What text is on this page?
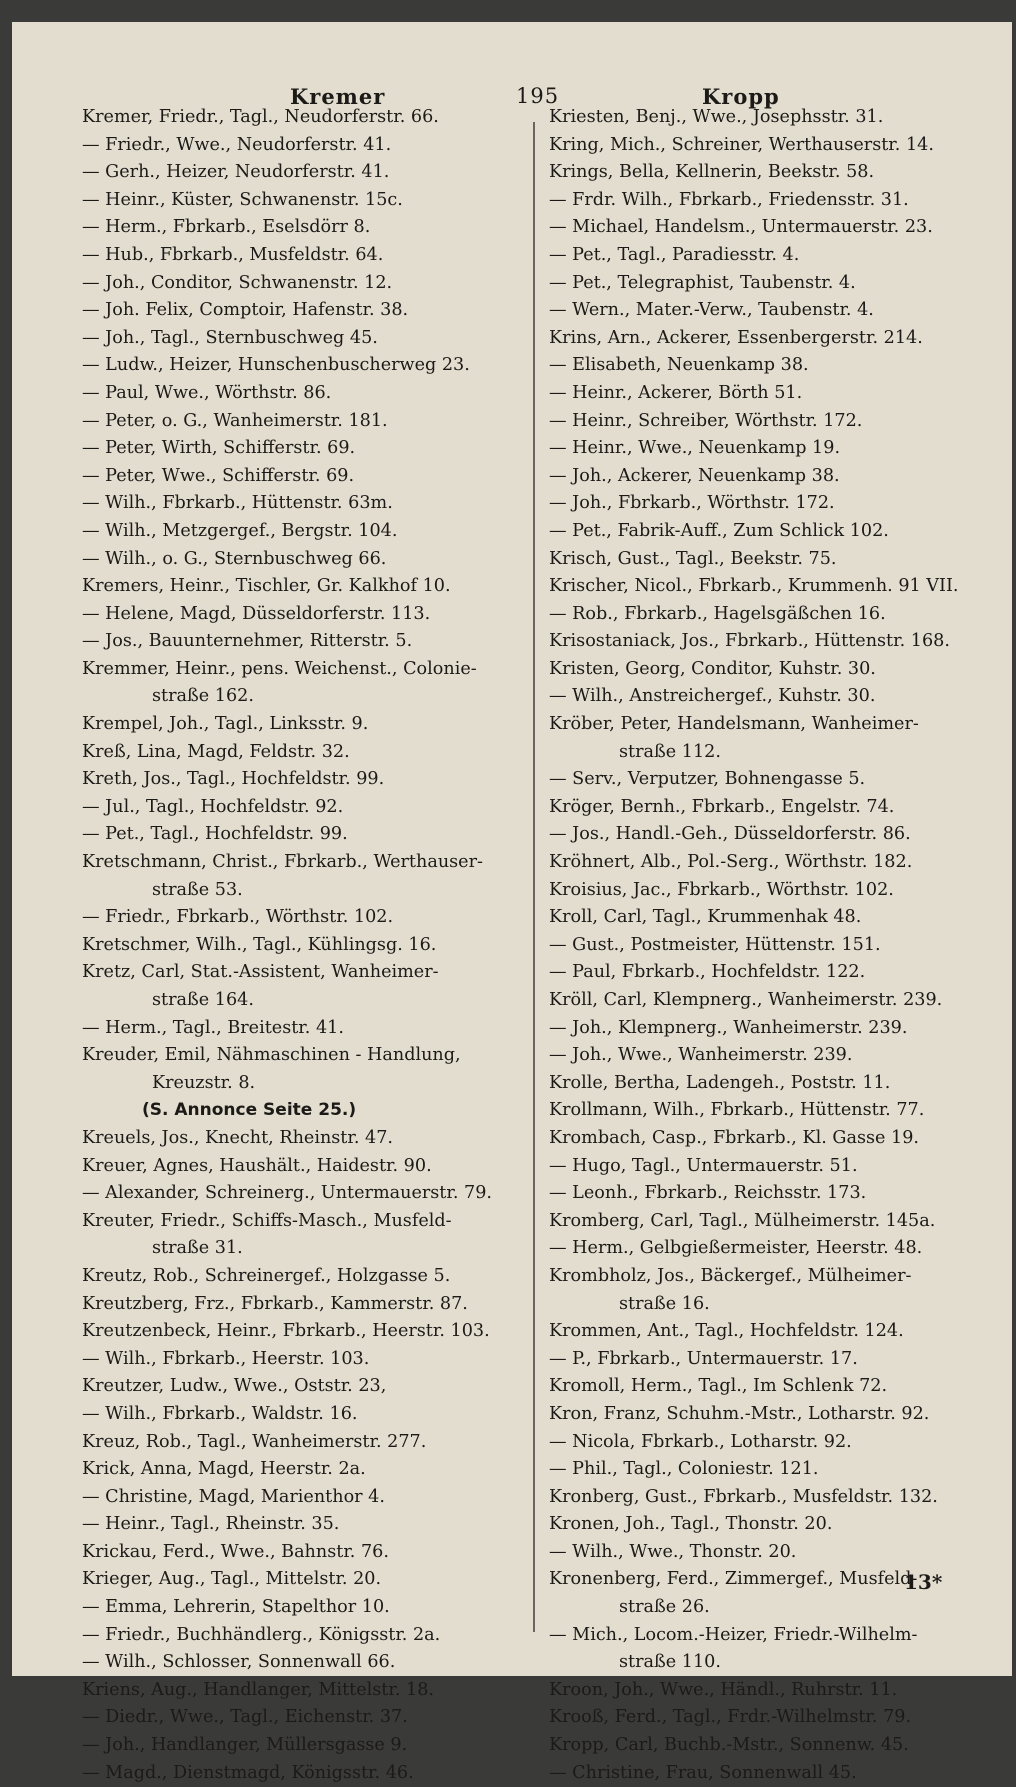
Kremer	195	Kropp
Kremer, Friedr., Tagl., Neudorferstr. 66.
— Friedr., Wwe., Neudorferstr. 41.
— Gerh., Heizer, Neudorferstr. 41.
— Heinr., Küster, Schwanenstr. 15c.
— Herm., Fbrkarb., Eselsdörr 8.
— Hub., Fbrkarb., Musfeldstr. 64.
— Joh., Conditor, Schwanenstr. 12.
— Joh. Felix, Comptoir, Hafenstr. 38.
— Joh., Tagl., Sternbuschweg 45.
— Ludw., Heizer, Hunschenbuscherweg 23.
— Paul, Wwe., Wörthstr. 86.
— Peter, o. G., Wanheimerstr. 181.
— Peter, Wirth, Schifferstr. 69.
— Peter, Wwe., Schifferstr. 69.
— Wilh., Fbrkarb., Hüttenstr. 63m.
— Wilh., Metzgergef., Bergstr. 104.
— Wilh., o. G., Sternbuschweg 66.
Kremers, Heinr., Tischler, Gr. Kalkhof 10.
— Helene, Magd, Düsseldorferstr. 113.
— Jos., Bauunternehmer, Ritterstr. 5.
Kremmer, Heinr., pens. Weichenst., Colonie-
straße 162.
Krempel, Joh., Tagl., Linksstr. 9.
Kreß, Lina, Magd, Feldstr. 32.
Kreth, Jos., Tagl., Hochfeldstr. 99.
— Jul., Tagl., Hochfeldstr. 92.
— Pet., Tagl., Hochfeldstr. 99.
Kretschmann, Christ., Fbrkarb., Werthauser-
straße 53.
— Friedr., Fbrkarb., Wörthstr. 102.
Kretschmer, Wilh., Tagl., Kühlingsg. 16.
Kretz, Carl, Stat.-Assistent, Wanheimer-
straße 164.
— Herm., Tagl., Breitestr. 41.
Kreuder, Emil, Nähmaschinen - Handlung,
Kreuzstr. 8.
(S. Annonce Seite 25.)
Kreuels, Jos., Knecht, Rheinstr. 47.
Kreuer, Agnes, Haushält., Haidestr. 90.
— Alexander, Schreinerg., Untermauerstr. 79.
Kreuter, Friedr., Schiffs-Masch., Musfeld-
straße 31.
Kreutz, Rob., Schreinergef., Holzgasse 5.
Kreutzberg, Frz., Fbrkarb., Kammerstr. 87.
Kreutzenbeck, Heinr., Fbrkarb., Heerstr. 103.
— Wilh., Fbrkarb., Heerstr. 103.
Kreutzer, Ludw., Wwe., Oststr. 23,
— Wilh., Fbrkarb., Waldstr. 16.
Kreuz, Rob., Tagl., Wanheimerstr. 277.
Krick, Anna, Magd, Heerstr. 2a.
— Christine, Magd, Marienthor 4.
— Heinr., Tagl., Rheinstr. 35.
Krickau, Ferd., Wwe., Bahnstr. 76.
Krieger, Aug., Tagl., Mittelstr. 20.
— Emma, Lehrerin, Stapelthor 10.
— Friedr., Buchhändlerg., Königsstr. 2a.
— Wilh., Schlosser, Sonnenwall 66.
Kriens, Aug., Handlanger, Mittelstr. 18.
— Diedr., Wwe., Tagl., Eichenstr. 37.
— Joh., Handlanger, Müllersgasse 9.
— Magd., Dienstmagd, Königsstr. 46.
Kriesten, Benj., Wwe., Josephsstr. 31.
Kring, Mich., Schreiner, Werthauserstr. 14.
Krings, Bella, Kellnerin, Beekstr. 58.
— Frdr. Wilh., Fbrkarb., Friedensstr. 31.
— Michael, Handelsm., Untermauerstr. 23.
— Pet., Tagl., Paradiesstr. 4.
— Pet., Telegraphist, Taubenstr. 4.
— Wern., Mater.-Verw., Taubenstr. 4.
Krins, Arn., Ackerer, Essenbergerstr. 214.
— Elisabeth, Neuenkamp 38.
— Heinr., Ackerer, Börth 51.
— Heinr., Schreiber, Wörthstr. 172.
— Heinr., Wwe., Neuenkamp 19.
— Joh., Ackerer, Neuenkamp 38.
— Joh., Fbrkarb., Wörthstr. 172.
— Pet., Fabrik-Auff., Zum Schlick 102.
Krisch, Gust., Tagl., Beekstr. 75.
Krischer, Nicol., Fbrkarb., Krummenh. 91 VII.
— Rob., Fbrkarb., Hagelsgäßchen 16.
Krisostaniack, Jos., Fbrkarb., Hüttenstr. 168.
Kristen, Georg, Conditor, Kuhstr. 30.
— Wilh., Anstreichergef., Kuhstr. 30.
Kröber, Peter, Handelsmann, Wanheimer-
straße 112.
— Serv., Verputzer, Bohnengasse 5.
Kröger, Bernh., Fbrkarb., Engelstr. 74.
— Jos., Handl.-Geh., Düsseldorferstr. 86.
Kröhnert, Alb., Pol.-Serg., Wörthstr. 182.
Kroisius, Jac., Fbrkarb., Wörthstr. 102.
Kroll, Carl, Tagl., Krummenhak 48.
— Gust., Postmeister, Hüttenstr. 151.
— Paul, Fbrkarb., Hochfeldstr. 122.
Kröll, Carl, Klempnerg., Wanheimerstr. 239.
— Joh., Klempnerg., Wanheimerstr. 239.
— Joh., Wwe., Wanheimerstr. 239.
Krolle, Bertha, Ladengeh., Poststr. 11.
Krollmann, Wilh., Fbrkarb., Hüttenstr. 77.
Krombach, Casp., Fbrkarb., Kl. Gasse 19.
— Hugo, Tagl., Untermauerstr. 51.
— Leonh., Fbrkarb., Reichsstr. 173.
Kromberg, Carl, Tagl., Mülheimerstr. 145a.
— Herm., Gelbgießermeister, Heerstr. 48.
Krombholz, Jos., Bäckergef., Mülheimer-
straße 16.
Krommen, Ant., Tagl., Hochfeldstr. 124.
— P., Fbrkarb., Untermauerstr. 17.
Kromoll, Herm., Tagl., Im Schlenk 72.
Kron, Franz, Schuhm.-Mstr., Lotharstr. 92.
— Nicola, Fbrkarb., Lotharstr. 92.
— Phil., Tagl., Coloniestr. 121.
Kronberg, Gust., Fbrkarb., Musfeldstr. 132.
Kronen, Joh., Tagl., Thonstr. 20.
— Wilh., Wwe., Thonstr. 20.
Kronenberg, Ferd., Zimmergef., Musfeld-
straße 26.
— Mich., Locom.-Heizer, Friedr.-Wilhelm-
straße 110.
Kroon, Joh., Wwe., Händl., Ruhrstr. 11.
Krooß, Ferd., Tagl., Frdr.-Wilhelmstr. 79.
Kropp, Carl, Buchb.-Mstr., Sonnenw. 45.
— Christine, Frau, Sonnenwall 45.
13*
